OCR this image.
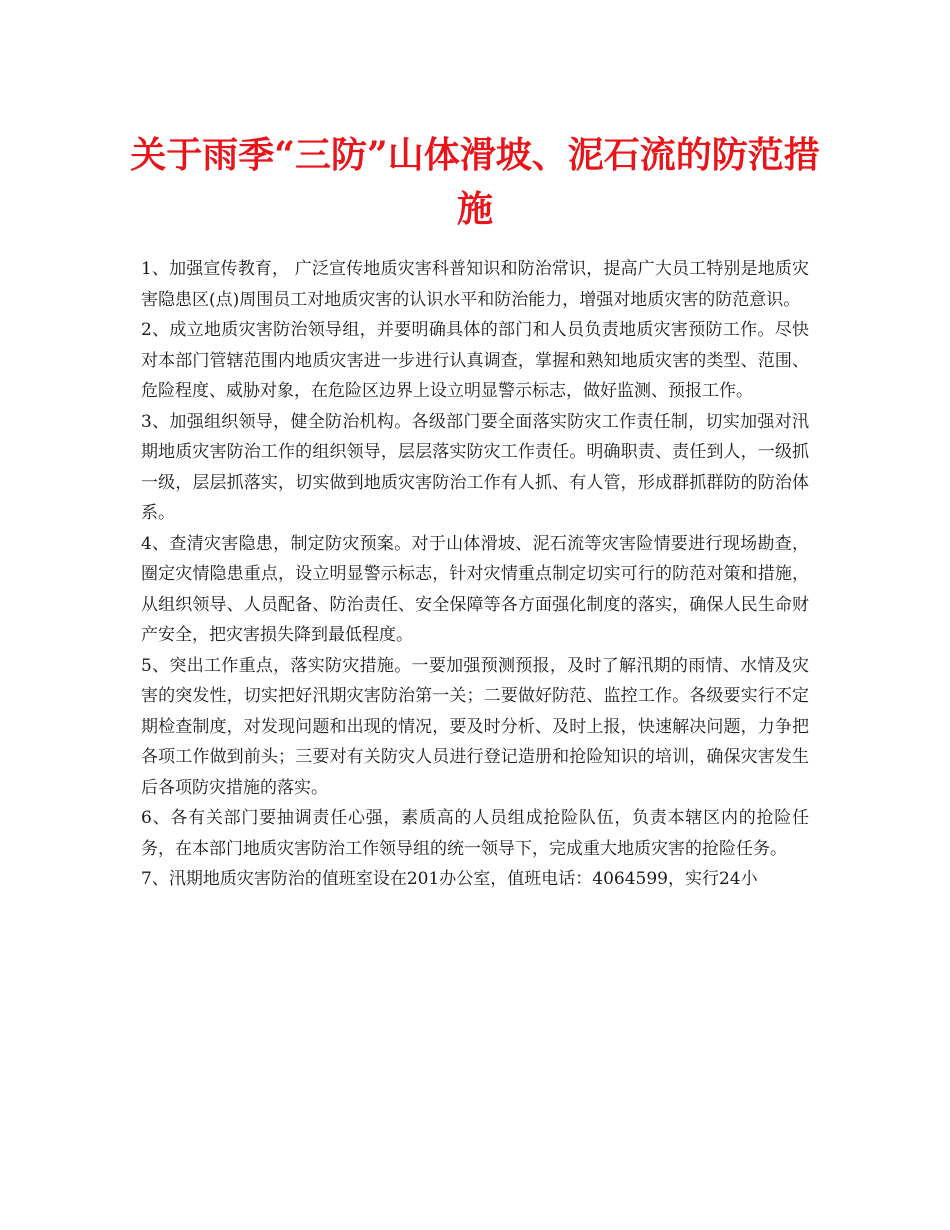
关于雨季“三防”山体滑坡、泥石流的防范措施

1、加强宣传教育， 广泛宣传地质灾害科普知识和防治常识，提高广大员工特别是地质灾害隐患区(点)周围员工对地质灾害的认识水平和防治能力，增强对地质灾害的防范意识。

2、成立地质灾害防治领导组，并要明确具体的部门和人员负责地质灾害预防工作。尽快对本部门管辖范围内地质灾害进一步进行认真调查，掌握和熟知地质灾害的类型、范围、危险程度、威胁对象，在危险区边界上设立明显警示标志，做好监测、预报工作。

3、加强组织领导，健全防治机构。各级部门要全面落实防灾工作责任制，切实加强对汛期地质灾害防治工作的组织领导，层层落实防灾工作责任。明确职责、责任到人，一级抓一级，层层抓落实，切实做到地质灾害防治工作有人抓、有人管，形成群抓群防的防治体系。

4、查清灾害隐患，制定防灾预案。对于山体滑坡、泥石流等灾害险情要进行现场勘查，圈定灾情隐患重点，设立明显警示标志，针对灾情重点制定切实可行的防范对策和措施，从组织领导、人员配备、防治责任、安全保障等各方面强化制度的落实，确保人民生命财产安全，把灾害损失降到最低程度。

5、突出工作重点，落实防灾措施。一要加强预测预报，及时了解汛期的雨情、水情及灾害的突发性，切实把好汛期灾害防治第一关；二要做好防范、监控工作。各级要实行不定期检查制度，对发现问题和出现的情况，要及时分析、及时上报，快速解决问题，力争把各项工作做到前头；三要对有关防灾人员进行登记造册和抢险知识的培训，确保灾害发生后各项防灾措施的落实。

6、各有关部门要抽调责任心强，素质高的人员组成抢险队伍，负责本辖区内的抢险任务，在本部门地质灾害防治工作领导组的统一领导下，完成重大地质灾害的抢险任务。

7、汛期地质灾害防治的值班室设在201办公室，值班电话：4064599，实行24小
